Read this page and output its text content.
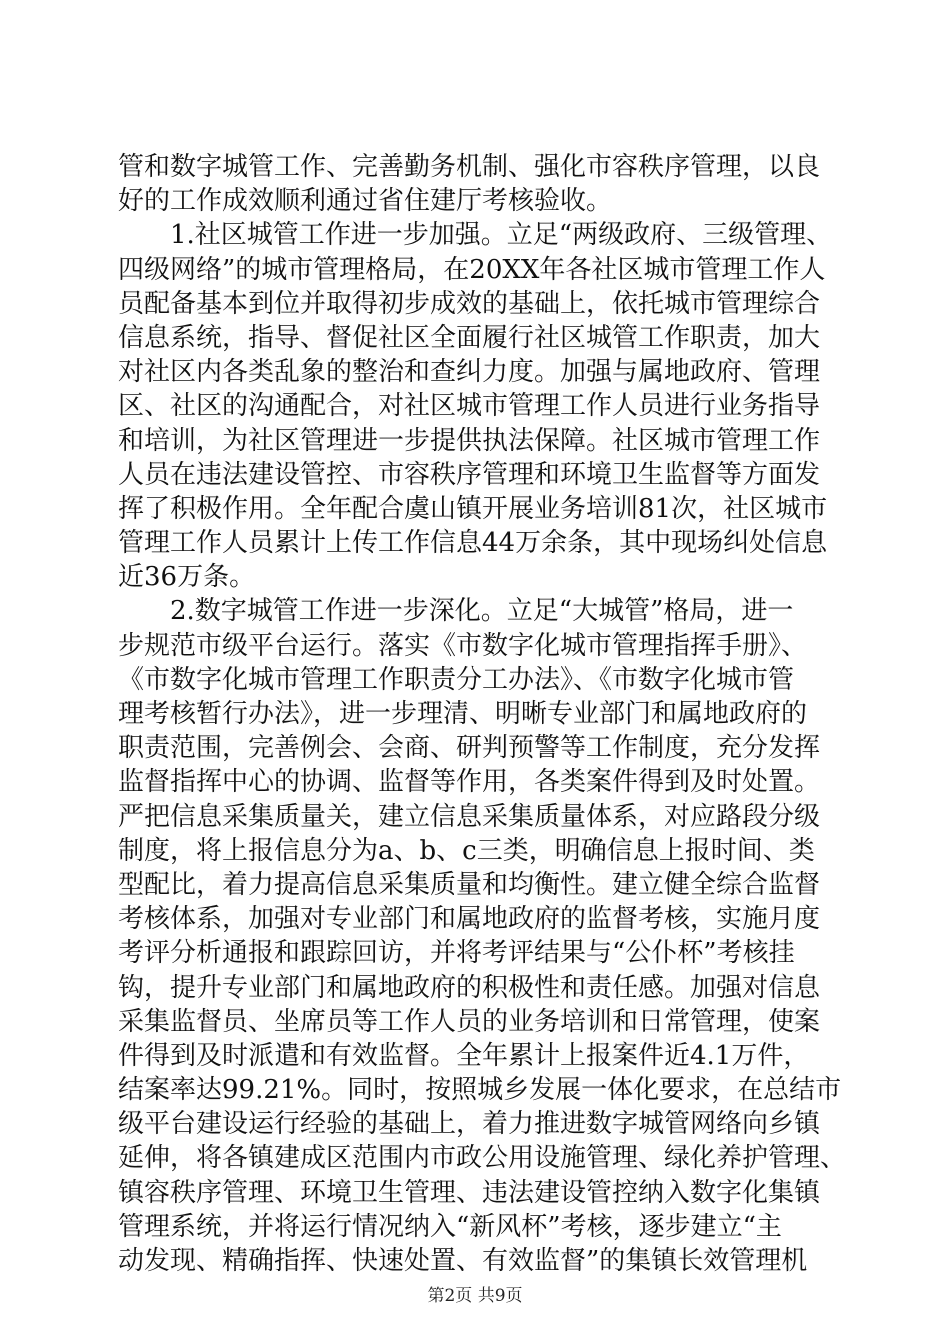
管和数字城管工作、完善勤务机制、强化市容秩序管理，以良
好的工作成效顺利通过省住建厅考核验收。
　　1.社区城管工作进一步加强。立足“两级政府、三级管理、
四级网络”的城市管理格局，在20XX年各社区城市管理工作人
员配备基本到位并取得初步成效的基础上，依托城市管理综合
信息系统，指导、督促社区全面履行社区城管工作职责，加大
对社区内各类乱象的整治和查纠力度。加强与属地政府、管理
区、社区的沟通配合，对社区城市管理工作人员进行业务指导
和培训，为社区管理进一步提供执法保障。社区城市管理工作
人员在违法建设管控、市容秩序管理和环境卫生监督等方面发
挥了积极作用。全年配合虞山镇开展业务培训81次，社区城市
管理工作人员累计上传工作信息44万余条，其中现场纠处信息
近36万条。
　　2.数字城管工作进一步深化。立足“大城管”格局，进一
步规范市级平台运行。落实《市数字化城市管理指挥手册》、
《市数字化城市管理工作职责分工办法》、《市数字化城市管
理考核暂行办法》，进一步理清、明晰专业部门和属地政府的
职责范围，完善例会、会商、研判预警等工作制度，充分发挥
监督指挥中心的协调、监督等作用，各类案件得到及时处置。
严把信息采集质量关，建立信息采集质量体系，对应路段分级
制度，将上报信息分为a、b、c三类，明确信息上报时间、类
型配比，着力提高信息采集质量和均衡性。建立健全综合监督
考核体系，加强对专业部门和属地政府的监督考核，实施月度
考评分析通报和跟踪回访，并将考评结果与“公仆杯”考核挂
钩，提升专业部门和属地政府的积极性和责任感。加强对信息
采集监督员、坐席员等工作人员的业务培训和日常管理，使案
件得到及时派遣和有效监督。全年累计上报案件近4.1万件，
结案率达99.21%。同时，按照城乡发展一体化要求，在总结市
级平台建设运行经验的基础上，着力推进数字城管网络向乡镇
延伸，将各镇建成区范围内市政公用设施管理、绿化养护管理、
镇容秩序管理、环境卫生管理、违法建设管控纳入数字化集镇
管理系统，并将运行情况纳入“新风杯”考核，逐步建立“主
动发现、精确指挥、快速处置、有效监督”的集镇长效管理机
第2页 共9页
